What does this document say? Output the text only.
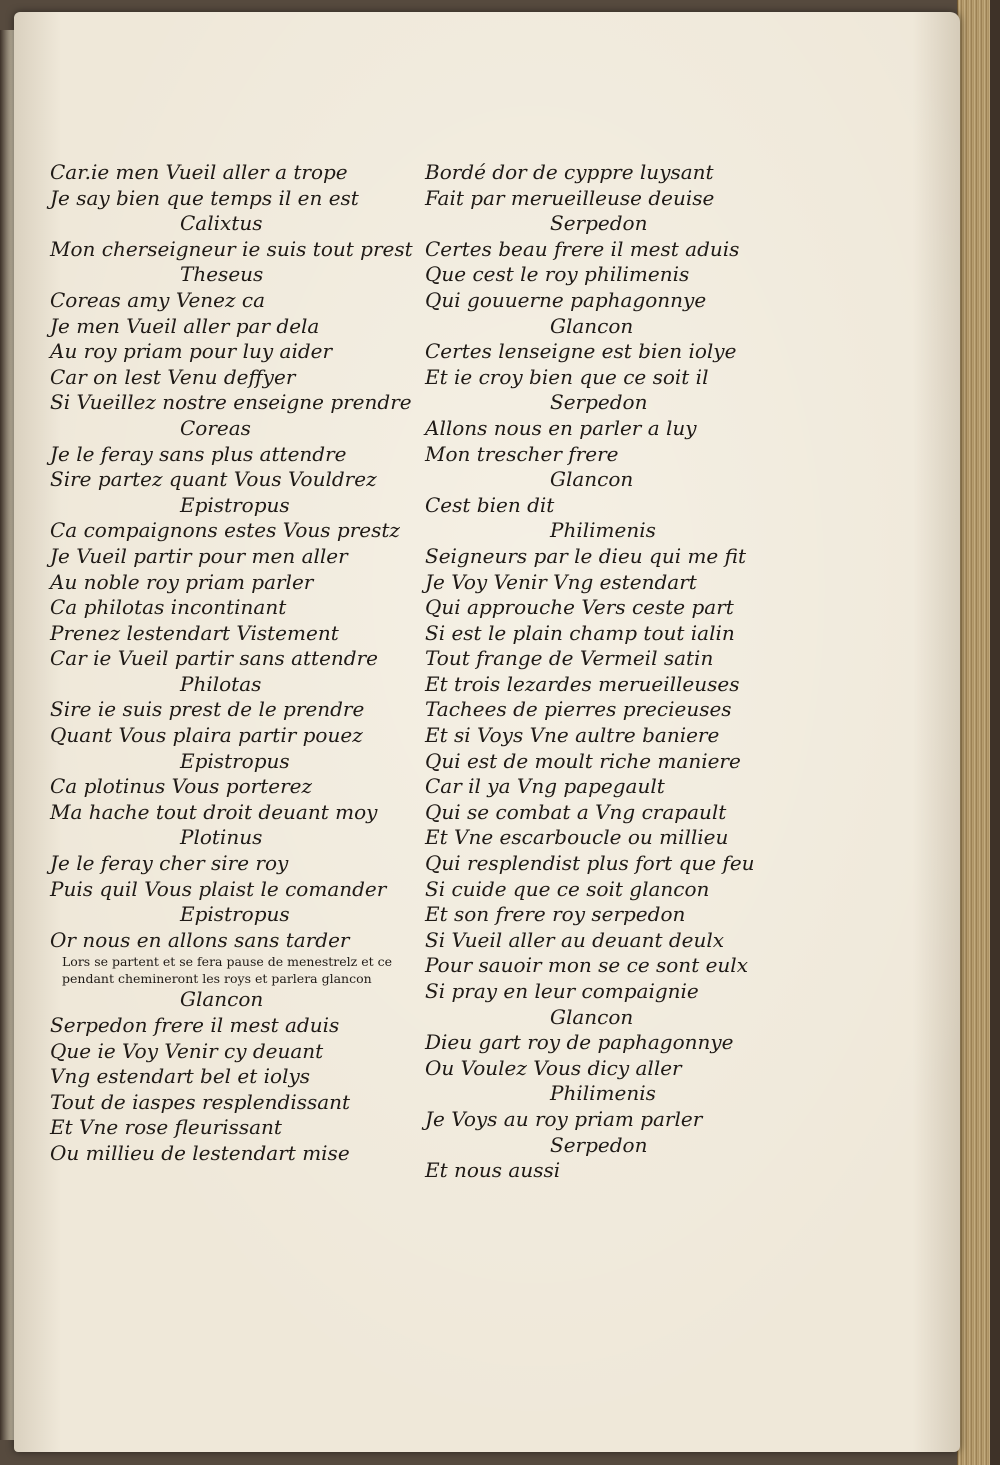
Car.ie men Vueil aller a trope
Je say bien que temps il en est
Calixtus
Mon cherseigneur ie suis tout prest
Theseus
Coreas amy Venez ca
Je men Vueil aller par dela
Au roy priam pour luy aider
Car on lest Venu deffyer
Si Vueillez nostre enseigne prendre
Coreas
Je le feray sans plus attendre
Sire partez quant Vous Vouldrez
Epistropus
Ca compaignons estes Vous prestz
Je Vueil partir pour men aller
Au noble roy priam parler
Ca philotas incontinant
Prenez lestendart Vistement
Car ie Vueil partir sans attendre
Philotas
Sire ie suis prest de le prendre
Quant Vous plaira partir pouez
Epistropus
Ca plotinus Vous porterez
Ma hache tout droit deuant moy
Plotinus
Je le feray cher sire roy
Puis quil Vous plaist le comander
Epistropus
Or nous en allons sans tarder
Lors se partent et se fera pause de menestrelz et ce
pendant chemineront les roys et parlera glancon
Glancon
Serpedon frere il mest aduis
Que ie Voy Venir cy deuant
Vng estendart bel et iolys
Tout de iaspes resplendissant
Et Vne rose fleurissant
Ou millieu de lestendart mise
Bordé dor de cyppre luysant
Fait par merueilleuse deuise
Serpedon
Certes beau frere il mest aduis
Que cest le roy philimenis
Qui gouuerne paphagonnye
Glancon
Certes lenseigne est bien iolye
Et ie croy bien que ce soit il
Serpedon
Allons nous en parler a luy
Mon trescher frere
Glancon
Cest bien dit
Philimenis
Seigneurs par le dieu qui me fit
Je Voy Venir Vng estendart
Qui approuche Vers ceste part
Si est le plain champ tout ialin
Tout frange de Vermeil satin
Et trois lezardes merueilleuses
Tachees de pierres precieuses
Et si Voys Vne aultre baniere
Qui est de moult riche maniere
Car il ya Vng papegault
Qui se combat a Vng crapault
Et Vne escarboucle ou millieu
Qui resplendist plus fort que feu
Si cuide que ce soit glancon
Et son frere roy serpedon
Si Vueil aller au deuant deulx
Pour sauoir mon se ce sont eulx
Si pray en leur compaignie
Glancon
Dieu gart roy de paphagonnye
Ou Voulez Vous dicy aller
Philimenis
Je Voys au roy priam parler
Serpedon
Et nous aussi
